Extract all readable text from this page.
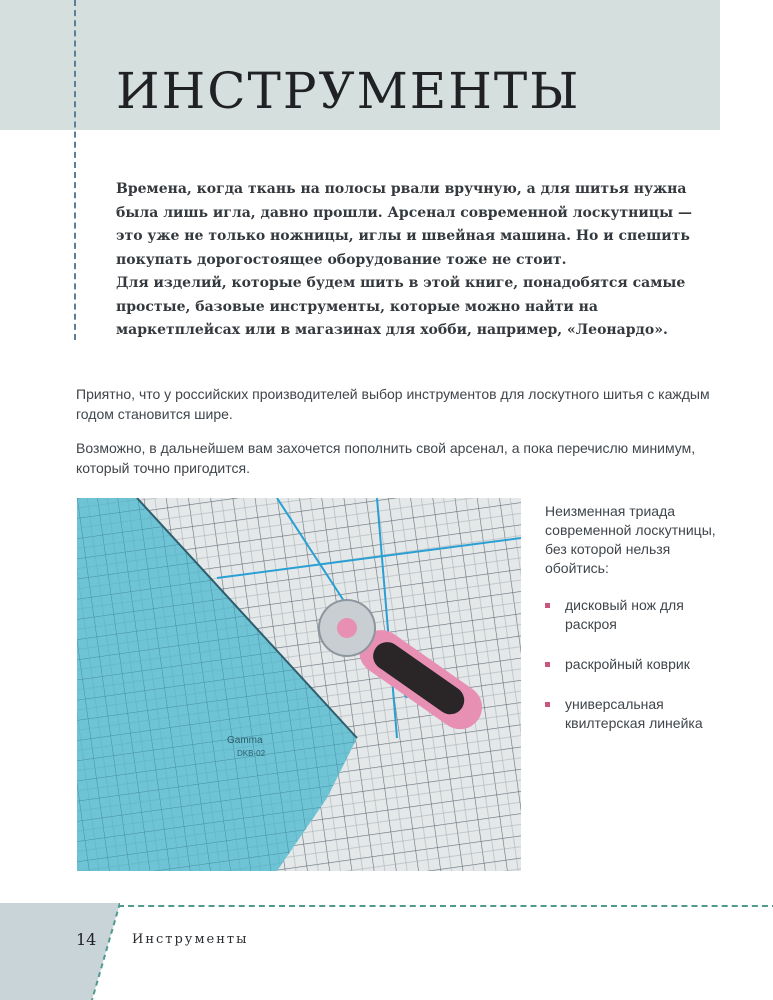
ИНСТРУМЕНТЫ

Времена, когда ткань на полосы рвали вручную, а для шитья нужна была лишь игла, давно прошли. Арсенал современной лоскутницы — это уже не только ножницы, иглы и швейная машина. Но и спешить покупать дорогостоящее оборудование тоже не стоит.

Для изделий, которые будем шить в этой книге, понадобятся самые простые, базовые инструменты, которые можно найти на маркетплейсах или в магазинах для хобби, например, «Леонардо».

Приятно, что у российских производителей выбор инструментов для лоскутного шитья с каждым годом становится шире.

Возможно, в дальнейшем вам захочется пополнить свой арсенал, а пока перечислю минимум, который точно пригодится.

Gamma
DKB-02

Неизменная триада современной лоскутницы, без которой нельзя обойтись:

дисковый нож для раскроя
раскройный коврик
универсальная квилтерская линейка
14	Инструменты
